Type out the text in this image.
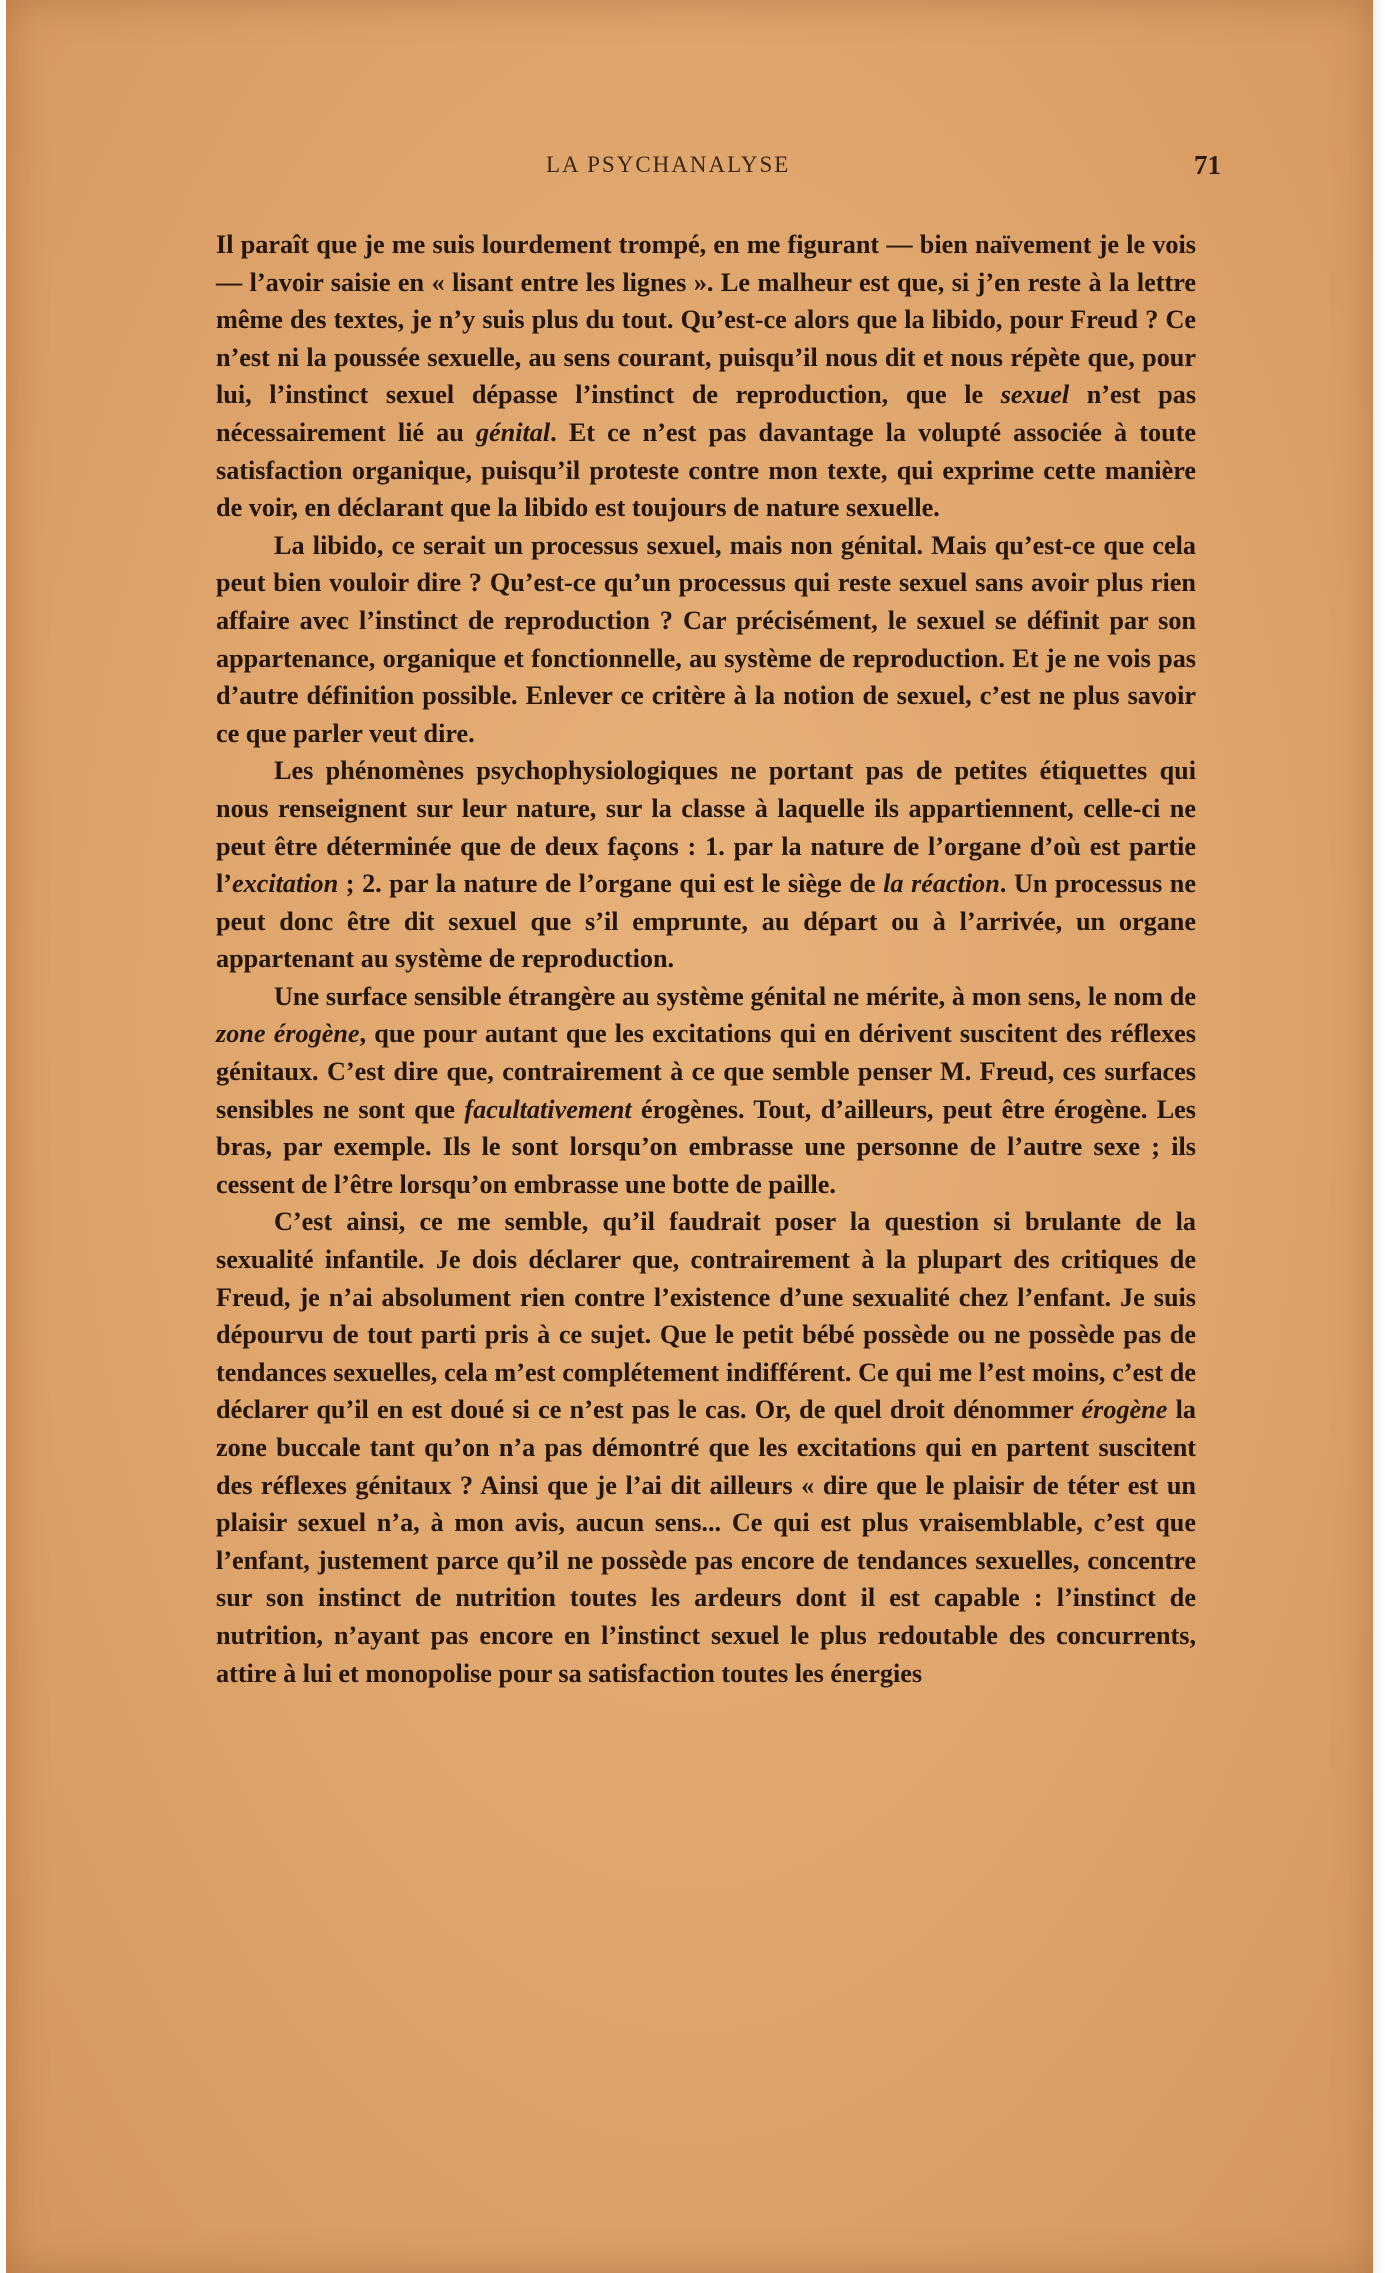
LA PSYCHANALYSE	71

Il paraît que je me suis lourdement trompé, en me figurant — bien naïvement je le vois — l’avoir saisie en « lisant entre les lignes ». Le malheur est que, si j’en reste à la lettre même des textes, je n’y suis plus du tout. Qu’est-ce alors que la libido, pour Freud ? Ce n’est ni la poussée sexuelle, au sens courant, puisqu’il nous dit et nous répète que, pour lui, l’instinct sexuel dépasse l’instinct de reproduction, que le sexuel n’est pas nécessairement lié au génital. Et ce n’est pas davantage la volupté associée à toute satisfaction organique, puisqu’il proteste contre mon texte, qui exprime cette manière de voir, en déclarant que la libido est toujours de nature sexuelle.

La libido, ce serait un processus sexuel, mais non génital. Mais qu’est-ce que cela peut bien vouloir dire ? Qu’est-ce qu’un processus qui reste sexuel sans avoir plus rien affaire avec l’instinct de reproduction ? Car précisément, le sexuel se définit par son appartenance, organique et fonctionnelle, au système de reproduction. Et je ne vois pas d’autre définition possible. Enlever ce critère à la notion de sexuel, c’est ne plus savoir ce que parler veut dire.

Les phénomènes psychophysiologiques ne portant pas de petites étiquettes qui nous renseignent sur leur nature, sur la classe à laquelle ils appartiennent, celle-ci ne peut être déterminée que de deux façons : 1. par la nature de l’organe d’où est partie l’excitation ; 2. par la nature de l’organe qui est le siège de la réaction. Un processus ne peut donc être dit sexuel que s’il emprunte, au départ ou à l’arrivée, un organe appartenant au système de reproduction.

Une surface sensible étrangère au système génital ne mérite, à mon sens, le nom de zone érogène, que pour autant que les excitations qui en dérivent suscitent des réflexes génitaux. C’est dire que, contrairement à ce que semble penser M. Freud, ces surfaces sensibles ne sont que facultativement érogènes. Tout, d’ailleurs, peut être érogène. Les bras, par exemple. Ils le sont lorsqu’on embrasse une personne de l’autre sexe ; ils cessent de l’être lorsqu’on embrasse une botte de paille.

C’est ainsi, ce me semble, qu’il faudrait poser la question si brulante de la sexualité infantile. Je dois déclarer que, contrairement à la plupart des critiques de Freud, je n’ai absolument rien contre l’existence d’une sexualité chez l’enfant. Je suis dépourvu de tout parti pris à ce sujet. Que le petit bébé possède ou ne possède pas de tendances sexuelles, cela m’est complétement indifférent. Ce qui me l’est moins, c’est de déclarer qu’il en est doué si ce n’est pas le cas. Or, de quel droit dénommer érogène la zone buccale tant qu’on n’a pas démontré que les excitations qui en partent suscitent des réflexes génitaux ? Ainsi que je l’ai dit ailleurs « dire que le plaisir de téter est un plaisir sexuel n’a, à mon avis, aucun sens... Ce qui est plus vraisemblable, c’est que l’enfant, justement parce qu’il ne possède pas encore de tendances sexuelles, concentre sur son instinct de nutrition toutes les ardeurs dont il est capable : l’instinct de nutrition, n’ayant pas encore en l’instinct sexuel le plus redoutable des concurrents, attire à lui et monopolise pour sa satisfaction toutes les énergies
